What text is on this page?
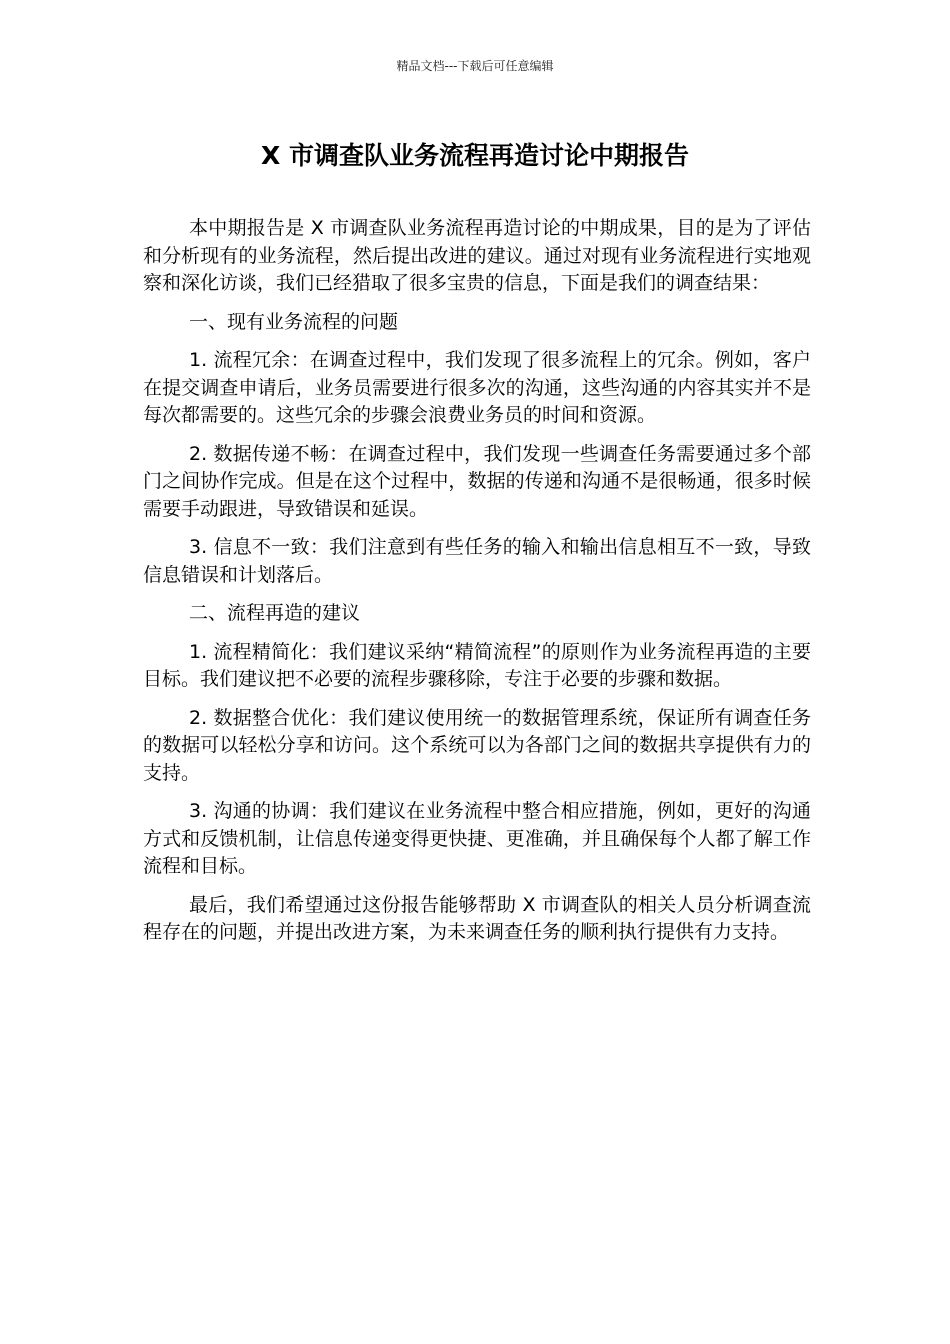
精品文档---下载后可任意编辑
X 市调查队业务流程再造讨论中期报告

本中期报告是 X 市调查队业务流程再造讨论的中期成果，目的是为了评估和分析现有的业务流程，然后提出改进的建议。通过对现有业务流程进行实地观察和深化访谈，我们已经猎取了很多宝贵的信息，下面是我们的调查结果：

一、现有业务流程的问题

1. 流程冗余：在调查过程中，我们发现了很多流程上的冗余。例如，客户在提交调查申请后，业务员需要进行很多次的沟通，这些沟通的内容其实并不是每次都需要的。这些冗余的步骤会浪费业务员的时间和资源。

2. 数据传递不畅：在调查过程中，我们发现一些调查任务需要通过多个部门之间协作完成。但是在这个过程中，数据的传递和沟通不是很畅通，很多时候需要手动跟进，导致错误和延误。

3. 信息不一致：我们注意到有些任务的输入和输出信息相互不一致，导致信息错误和计划落后。

二、流程再造的建议

1. 流程精简化：我们建议采纳“精简流程”的原则作为业务流程再造的主要目标。我们建议把不必要的流程步骤移除，专注于必要的步骤和数据。

2. 数据整合优化：我们建议使用统一的数据管理系统，保证所有调查任务的数据可以轻松分享和访问。这个系统可以为各部门之间的数据共享提供有力的支持。

3. 沟通的协调：我们建议在业务流程中整合相应措施，例如，更好的沟通方式和反馈机制，让信息传递变得更快捷、更准确，并且确保每个人都了解工作流程和目标。

最后，我们希望通过这份报告能够帮助 X 市调查队的相关人员分析调查流程存在的问题，并提出改进方案，为未来调查任务的顺利执行提供有力支持。
